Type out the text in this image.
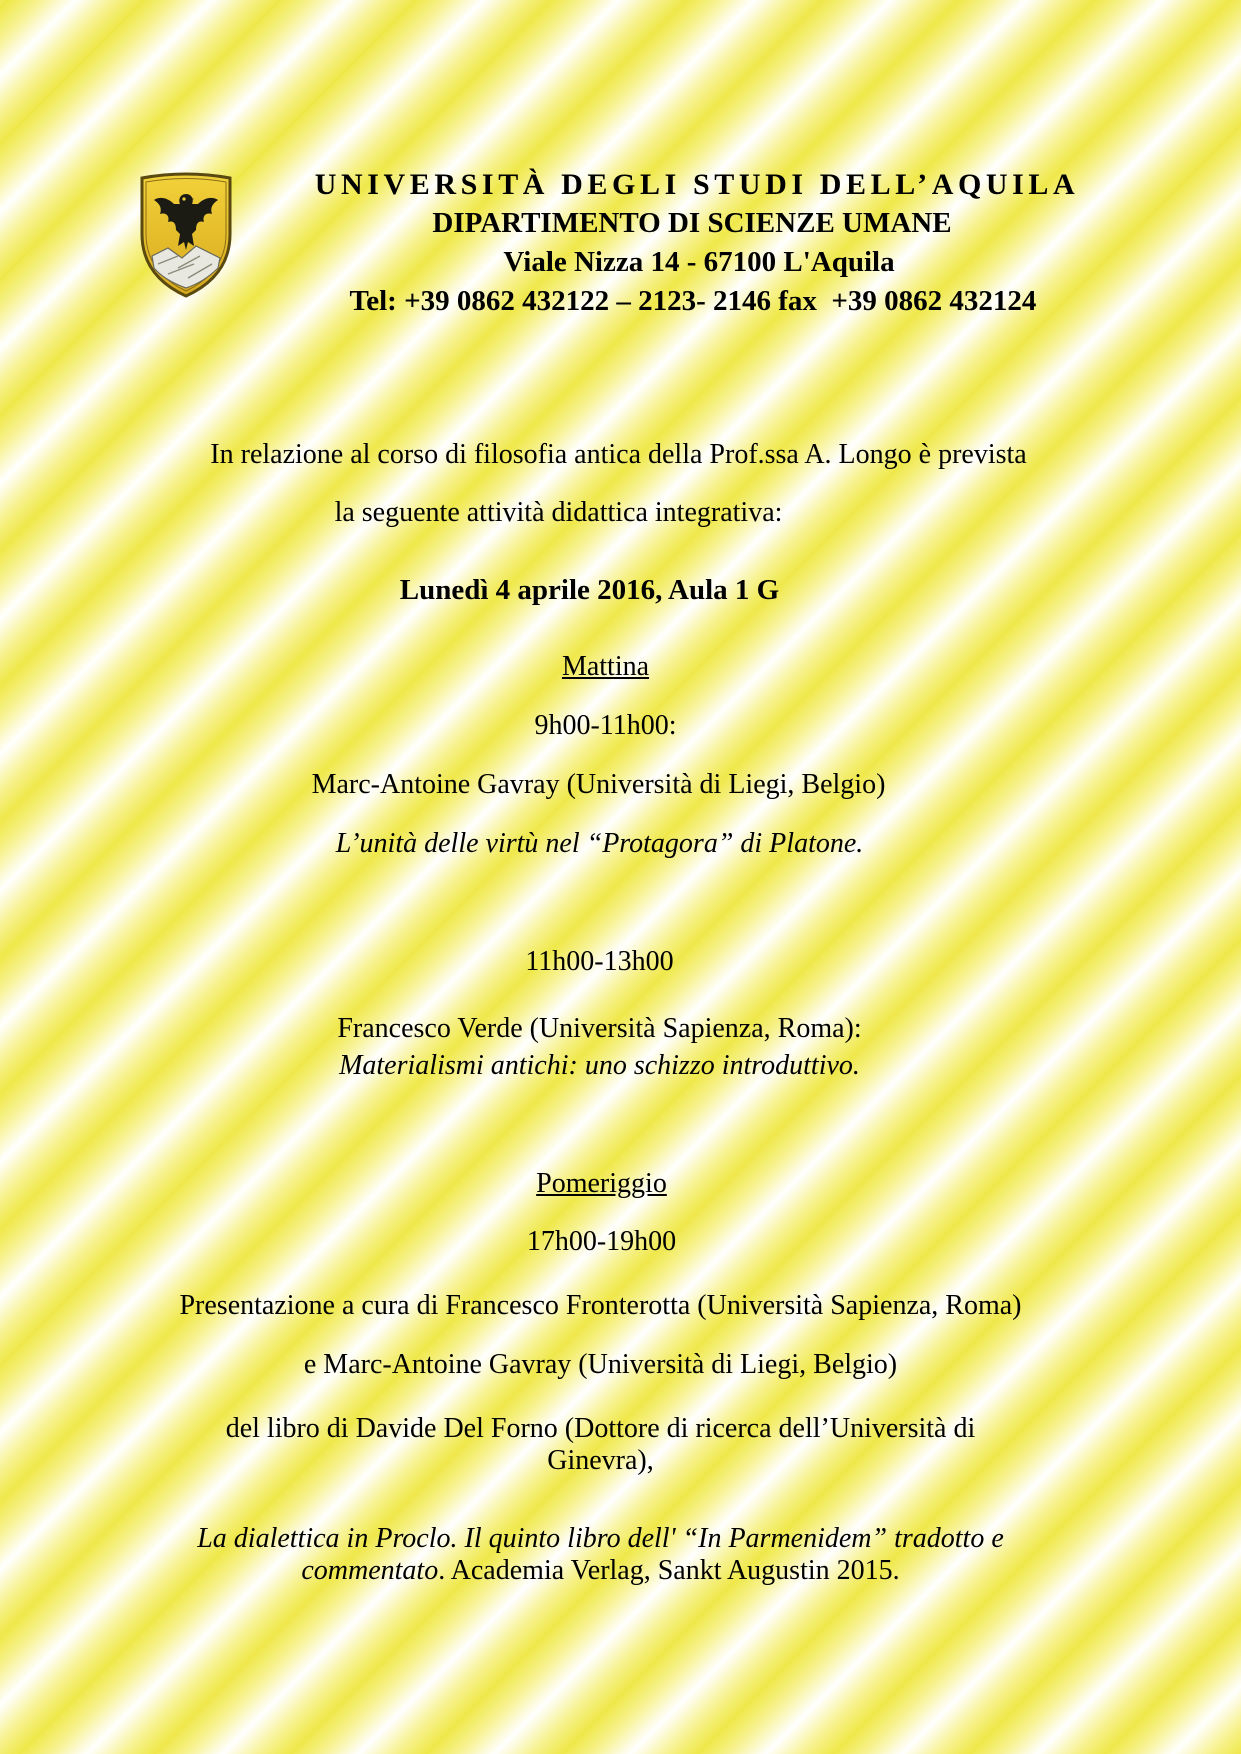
UNIVERSITÀ DEGLI STUDI DELL’AQUILA
DIPARTIMENTO DI SCIENZE UMANE
Viale Nizza 14 - 67100 L'Aquila
Tel: +39 0862 432122 – 2123- 2146 fax  +39 0862 432124
In relazione al corso di filosofia antica della Prof.ssa A. Longo è prevista
la seguente attività didattica integrativa:
Lunedì 4 aprile 2016, Aula 1 G
Mattina
9h00-11h00:
Marc-Antoine Gavray (Università di Liegi, Belgio)
L’unità delle virtù nel “Protagora” di Platone.
11h00-13h00
Francesco Verde (Università Sapienza, Roma):
Materialismi antichi: uno schizzo introduttivo.
Pomeriggio
17h00-19h00
Presentazione a cura di Francesco Fronterotta (Università Sapienza, Roma)
e Marc-Antoine Gavray (Università di Liegi, Belgio)
del libro di Davide Del Forno (Dottore di ricerca dell’Università di
Ginevra),
La dialettica in Proclo. Il quinto libro dell' “In Parmenidem” tradotto e
commentato. Academia Verlag, Sankt Augustin 2015.
